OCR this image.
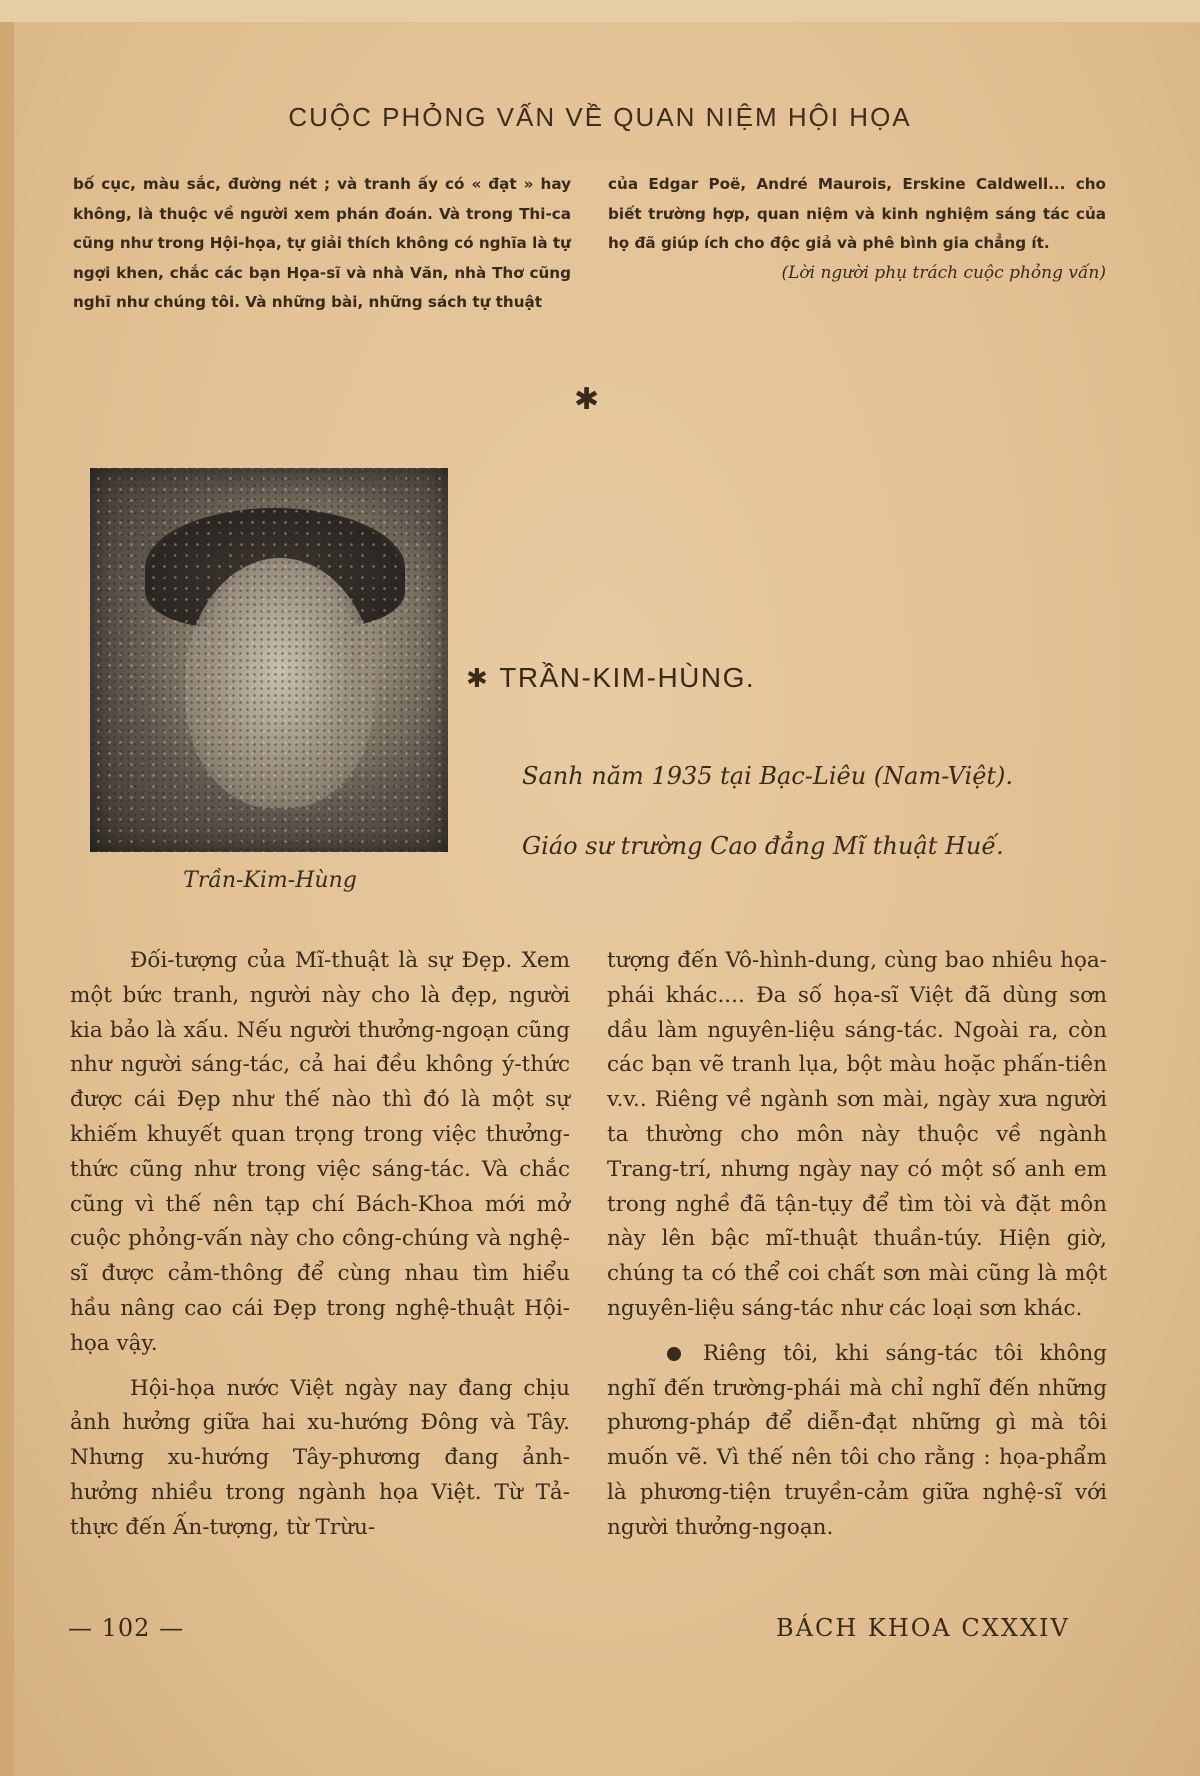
CUỘC PHỎNG VẤN VỀ QUAN NIỆM HỘI HỌA

bố cục, màu sắc, đường nét ; và tranh ấy có « đạt » hay không, là thuộc về người xem phán đoán. Và trong Thi-ca cũng như trong Hội-họa, tự giải thích không có nghĩa là tự ngợi khen, chắc các bạn Họa-sĩ và nhà Văn, nhà Thơ cũng nghĩ như chúng tôi. Và những bài, những sách tự thuật

của Edgar Poë, André Maurois, Erskine Caldwell... cho biết trường hợp, quan niệm và kinh nghiệm sáng tác của họ đã giúp ích cho độc giả và phê bình gia chẳng ít.

(Lời người phụ trách cuộc phỏng vấn)

✱
Trần-Kim-Hùng
✱ TRẦN-KIM-HÙNG.
Sanh năm 1935 tại Bạc-Liêu (Nam-Việt).
Giáo sư trường Cao đẳng Mĩ thuật Huế.

Đối-tượng của Mĩ-thuật là sự Đẹp. Xem một bức tranh, người này cho là đẹp, người kia bảo là xấu. Nếu người thưởng-ngoạn cũng như người sáng-tác, cả hai đều không ý-thức được cái Đẹp như thế nào thì đó là một sự khiếm khuyết quan trọng trong việc thưởng-thức cũng như trong việc sáng-tác. Và chắc cũng vì thế nên tạp chí Bách-Khoa mới mở cuộc phỏng-vấn này cho công-chúng và nghệ-sĩ được cảm-thông để cùng nhau tìm hiểu hầu nâng cao cái Đẹp trong nghệ-thuật Hội-họa vậy.

Hội-họa nước Việt ngày nay đang chịu ảnh hưởng giữa hai xu-hướng Đông và Tây. Nhưng xu-hướng Tây-phương đang ảnh-hưởng nhiều trong ngành họa Việt. Từ Tả-thực đến Ấn-tượng, từ Trừu-

tượng đến Vô-hình-dung, cùng bao nhiêu họa-phái khác.... Đa số họa-sĩ Việt đã dùng sơn dầu làm nguyên-liệu sáng-tác. Ngoài ra, còn các bạn vẽ tranh lụa, bột màu hoặc phấn-tiên v.v.. Riêng về ngành sơn mài, ngày xưa người ta thường cho môn này thuộc về ngành Trang-trí, nhưng ngày nay có một số anh em trong nghề đã tận-tụy để tìm tòi và đặt môn này lên bậc mĩ-thuật thuần-túy. Hiện giờ, chúng ta có thể coi chất sơn mài cũng là một nguyên-liệu sáng-tác như các loại sơn khác.

Riêng tôi, khi sáng-tác tôi không nghĩ đến trường-phái mà chỉ nghĩ đến những phương-pháp để diễn-đạt những gì mà tôi muốn vẽ. Vì thế nên tôi cho rằng : họa-phẩm là phương-tiện truyền-cảm giữa nghệ-sĩ với người thưởng-ngoạn.

— 102 —	BÁCH KHOA CXXXIV
